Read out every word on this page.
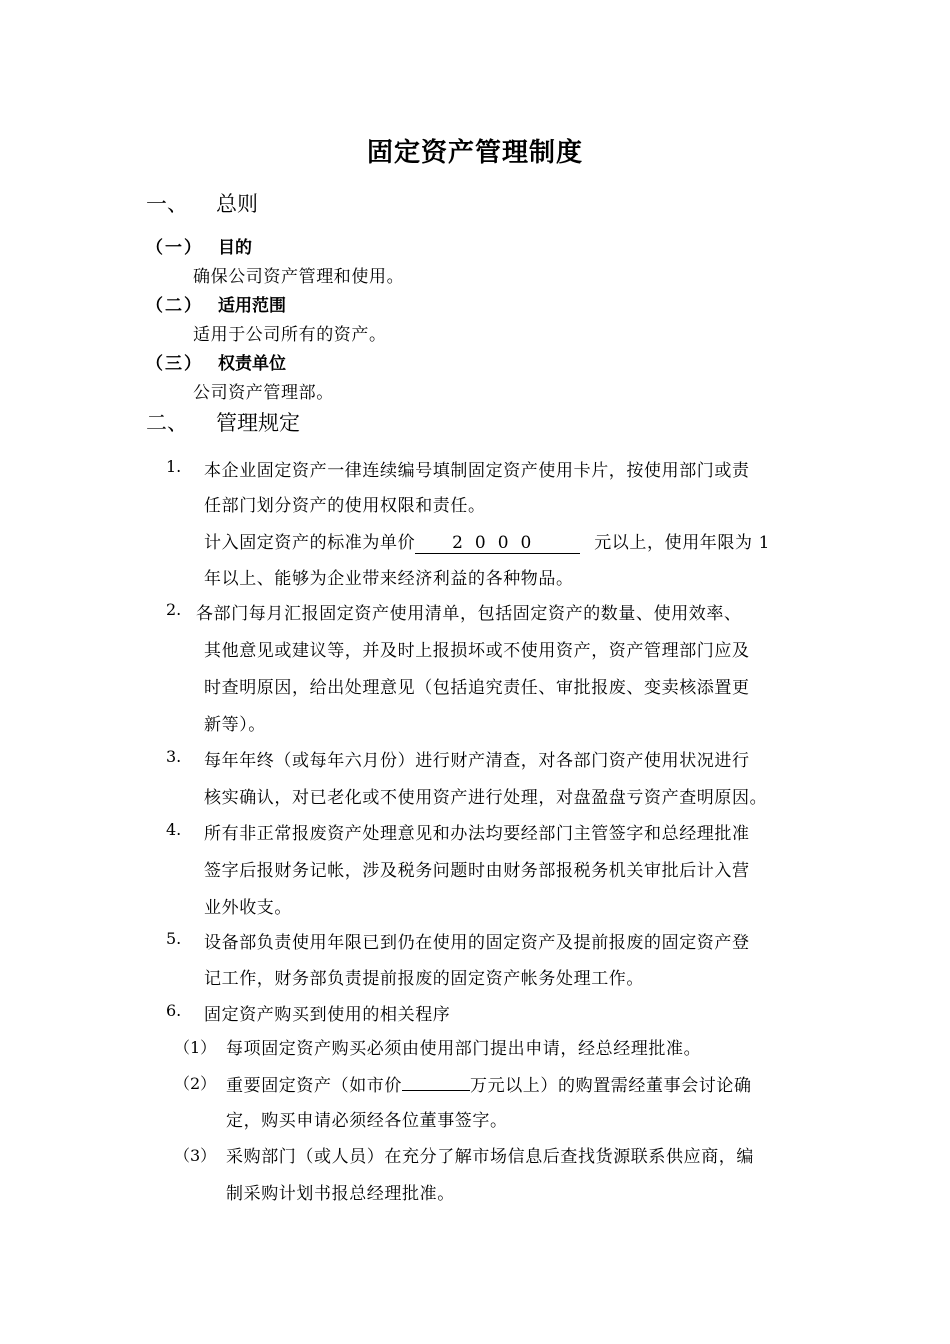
固定资产管理制度
一、 总则
（一） 目的
确保公司资产管理和使用。
（二） 适用范围
适用于公司所有的资产。
（三） 权责单位
公司资产管理部。
二、 管理规定
1. 本企业固定资产一律连续编号填制固定资产使用卡片，按使用部门或责
任部门划分资产的使用权限和责任。
计入固定资产的标准为单价 2000	元以上，使用年限为 1
年以上、能够为企业带来经济利益的各种物品。
2. 各部门每月汇报固定资产使用清单，包括固定资产的数量、使用效率、
其他意见或建议等，并及时上报损坏或不使用资产，资产管理部门应及
时查明原因，给出处理意见（包括追究责任、审批报废、变卖核添置更
新等）。
3. 每年年终（或每年六月份）进行财产清查，对各部门资产使用状况进行
核实确认，对已老化或不使用资产进行处理，对盘盈盘亏资产查明原因。
4. 所有非正常报废资产处理意见和办法均要经部门主管签字和总经理批准
签字后报财务记帐，涉及税务问题时由财务部报税务机关审批后计入营
业外收支。
5. 设备部负责使用年限已到仍在使用的固定资产及提前报废的固定资产登
记工作，财务部负责提前报废的固定资产帐务处理工作。
6. 固定资产购买到使用的相关程序
（1） 每项固定资产购买必须由使用部门提出申请，经总经理批准。
（2） 重要固定资产（如市价	万元以上）的购置需经董事会讨论确
定，购买申请必须经各位董事签字。
（3） 采购部门（或人员）在充分了解市场信息后查找货源联系供应商，编
制采购计划书报总经理批准。
